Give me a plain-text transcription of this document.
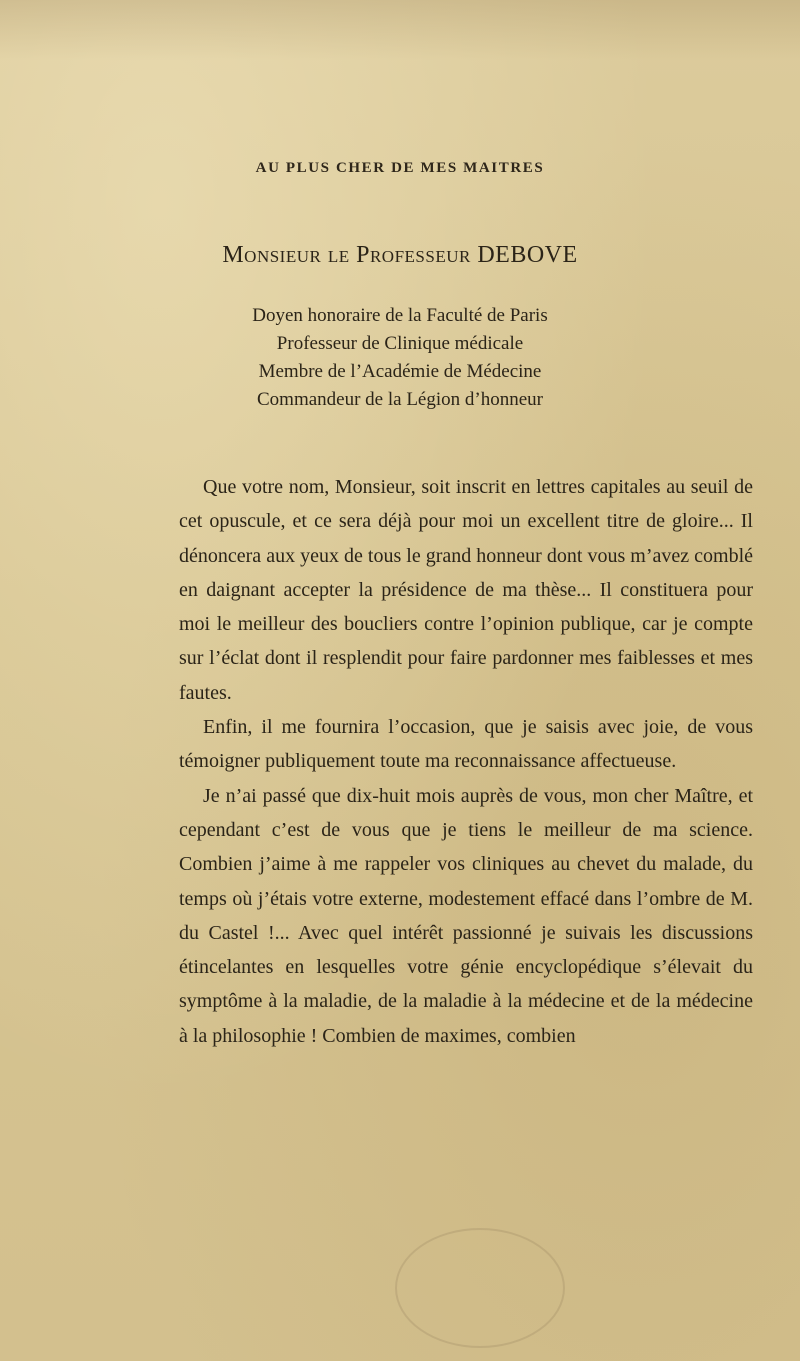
AU PLUS CHER DE MES MAITRES
Monsieur le Professeur DEBOVE
Doyen honoraire de la Faculté de Paris
Professeur de Clinique médicale
Membre de l’Académie de Médecine
Commandeur de la Légion d’honneur

Que votre nom, Monsieur, soit inscrit en lettres capitales au seuil de cet opuscule, et ce sera déjà pour moi un excellent titre de gloire... Il dénoncera aux yeux de tous le grand honneur dont vous m’avez comblé en daignant accepter la présidence de ma thèse... Il constituera pour moi le meilleur des boucliers contre l’opinion publique, car je compte sur l’éclat dont il resplendit pour faire pardonner mes faiblesses et mes fautes.

Enfin, il me fournira l’occasion, que je saisis avec joie, de vous témoigner publiquement toute ma reconnaissance affectueuse.

Je n’ai passé que dix-huit mois auprès de vous, mon cher Maître, et cependant c’est de vous que je tiens le meilleur de ma science. Combien j’aime à me rappeler vos cliniques au chevet du malade, du temps où j’étais votre externe, modestement effacé dans l’ombre de M. du Castel !... Avec quel intérêt passionné je suivais les discussions étincelantes en lesquelles votre génie encyclopédique s’élevait du symptôme à la maladie, de la maladie à la médecine et de la médecine à la philosophie ! Combien de maximes, combien
